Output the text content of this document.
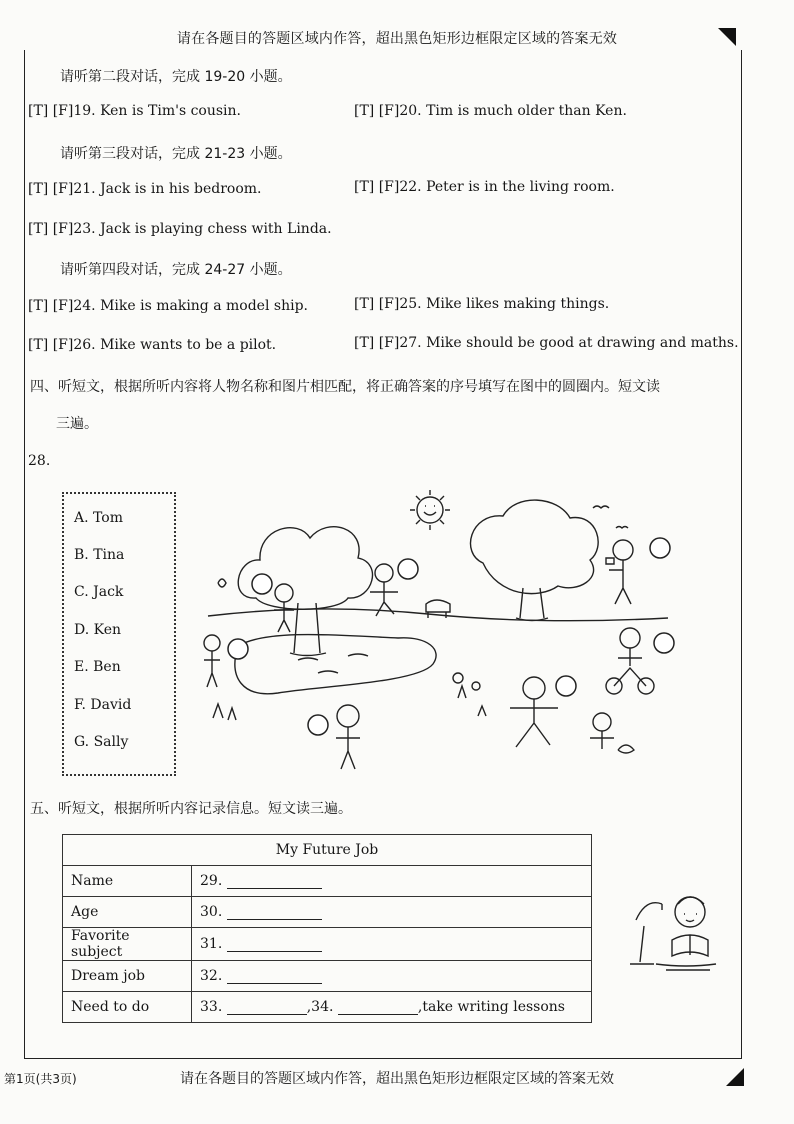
请在各题目的答题区域内作答，超出黑色矩形边框限定区域的答案无效
请听第二段对话，完成 19-20 小题。
[T] [F]19. Ken is Tim's cousin.	[T] [F]20. Tim is much older than Ken.
请听第三段对话，完成 21-23 小题。
[T] [F]21. Jack is in his bedroom.	[T] [F]22. Peter is in the living room.
[T] [F]23. Jack is playing chess with Linda.
请听第四段对话，完成 24-27 小题。
[T] [F]24. Mike is making a model ship.	[T] [F]25. Mike likes making things.
[T] [F]26. Mike wants to be a pilot.	[T] [F]27. Mike should be good at drawing and maths.
四、听短文，根据所听内容将人物名称和图片相匹配，将正确答案的序号填写在图中的圆圈内。短文读
三遍。
28.
A. Tom
B. Tina
C. Jack
D. Ken
E. Ben
F. David
G. Sally
五、听短文，根据所听内容记录信息。短文读三遍。
My Future Job	
Name	29.
Age	30.
Favorite subject	31.
Dream job	32.
Need to do	33. ,34. ,take writing lessons
第1页(共3页)	请在各题目的答题区域内作答，超出黑色矩形边框限定区域的答案无效
